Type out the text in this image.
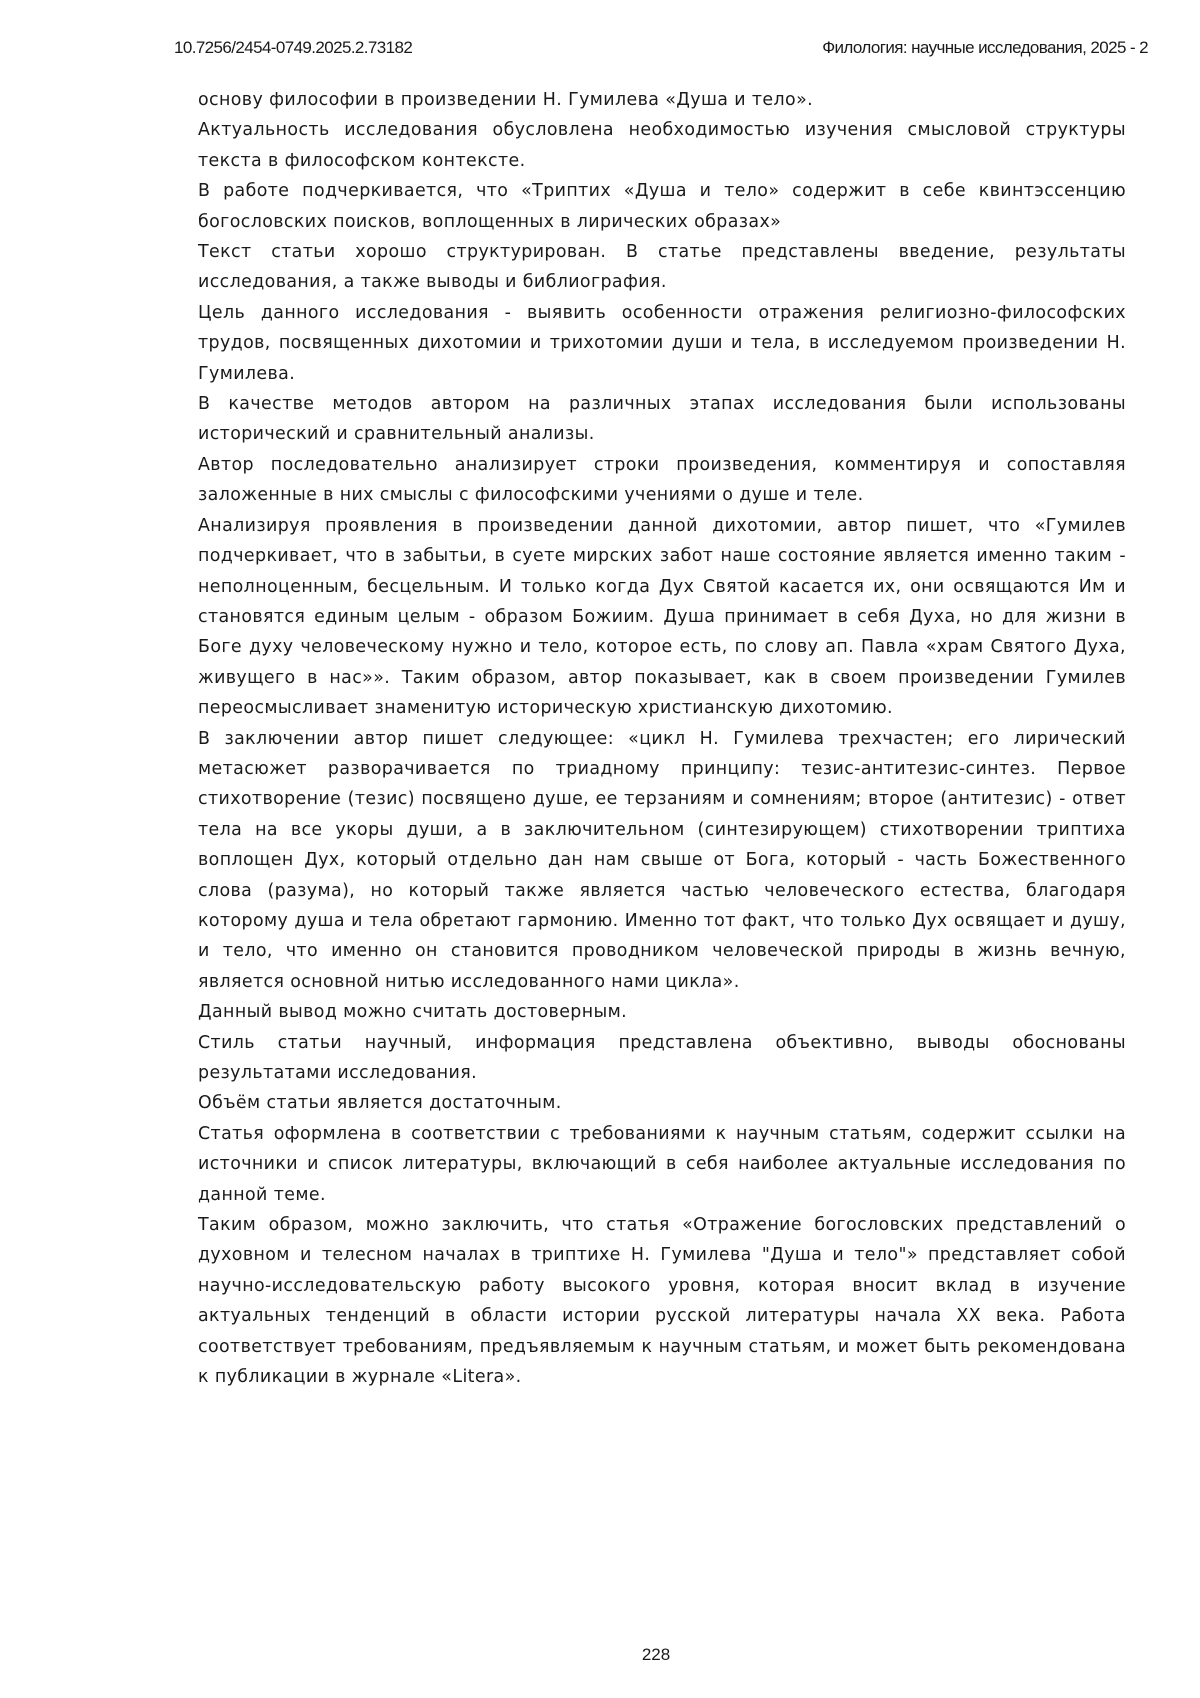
10.7256/2454-0749.2025.2.73182	Филология: научные исследования, 2025 - 2

основу философии в произведении Н. Гумилева «Душа и тело».

Актуальность исследования обусловлена необходимостью изучения смысловой структуры текста в философском контексте.

В работе подчеркивается, что «Триптих «Душа и тело» содержит в себе квинтэссенцию богословских поисков, воплощенных в лирических образах»

Текст статьи хорошо структурирован. В статье представлены введение, результаты исследования, а также выводы и библиография.

Цель данного исследования - выявить особенности отражения религиозно-философских трудов, посвященных дихотомии и трихотомии души и тела, в исследуемом произведении Н. Гумилева.

В качестве методов автором на различных этапах исследования были использованы исторический и сравнительный анализы.

Автор последовательно анализирует строки произведения, комментируя и сопоставляя заложенные в них смыслы с философскими учениями о душе и теле.

Анализируя проявления в произведении данной дихотомии, автор пишет, что «Гумилев подчеркивает, что в забытьи, в суете мирских забот наше состояние является именно таким - неполноценным, бесцельным. И только когда Дух Святой касается их, они освящаются Им и становятся единым целым - образом Божиим. Душа принимает в себя Духа, но для жизни в Боге духу человеческому нужно и тело, которое есть, по слову ап. Павла «храм Святого Духа, живущего в нас»». Таким образом, автор показывает, как в своем произведении Гумилев переосмысливает знаменитую историческую христианскую дихотомию.

В заключении автор пишет следующее: «цикл Н. Гумилева трехчастен; его лирический метасюжет разворачивается по триадному принципу: тезис-антитезис-синтез. Первое стихотворение (тезис) посвящено душе, ее терзаниям и сомнениям; второе (антитезис) - ответ тела на все укоры души, а в заключительном (синтезирующем) стихотворении триптиха воплощен Дух, который отдельно дан нам свыше от Бога, который - часть Божественного слова (разума), но который также является частью человеческого естества, благодаря которому душа и тела обретают гармонию. Именно тот факт, что только Дух освящает и душу, и тело, что именно он становится проводником человеческой природы в жизнь вечную, является основной нитью исследованного нами цикла».

Данный вывод можно считать достоверным.

Стиль статьи научный, информация представлена объективно, выводы обоснованы результатами исследования.

Объём статьи является достаточным.

Статья оформлена в соответствии с требованиями к научным статьям, содержит ссылки на источники и список литературы, включающий в себя наиболее актуальные исследования по данной теме.

Таким образом, можно заключить, что статья «Отражение богословских представлений о духовном и телесном началах в триптихе Н. Гумилева "Душа и тело"» представляет собой научно-исследовательскую работу высокого уровня, которая вносит вклад в изучение актуальных тенденций в области истории русской литературы начала XX века. Работа соответствует требованиям, предъявляемым к научным статьям, и может быть рекомендована к публикации в журнале «Litera».

228
